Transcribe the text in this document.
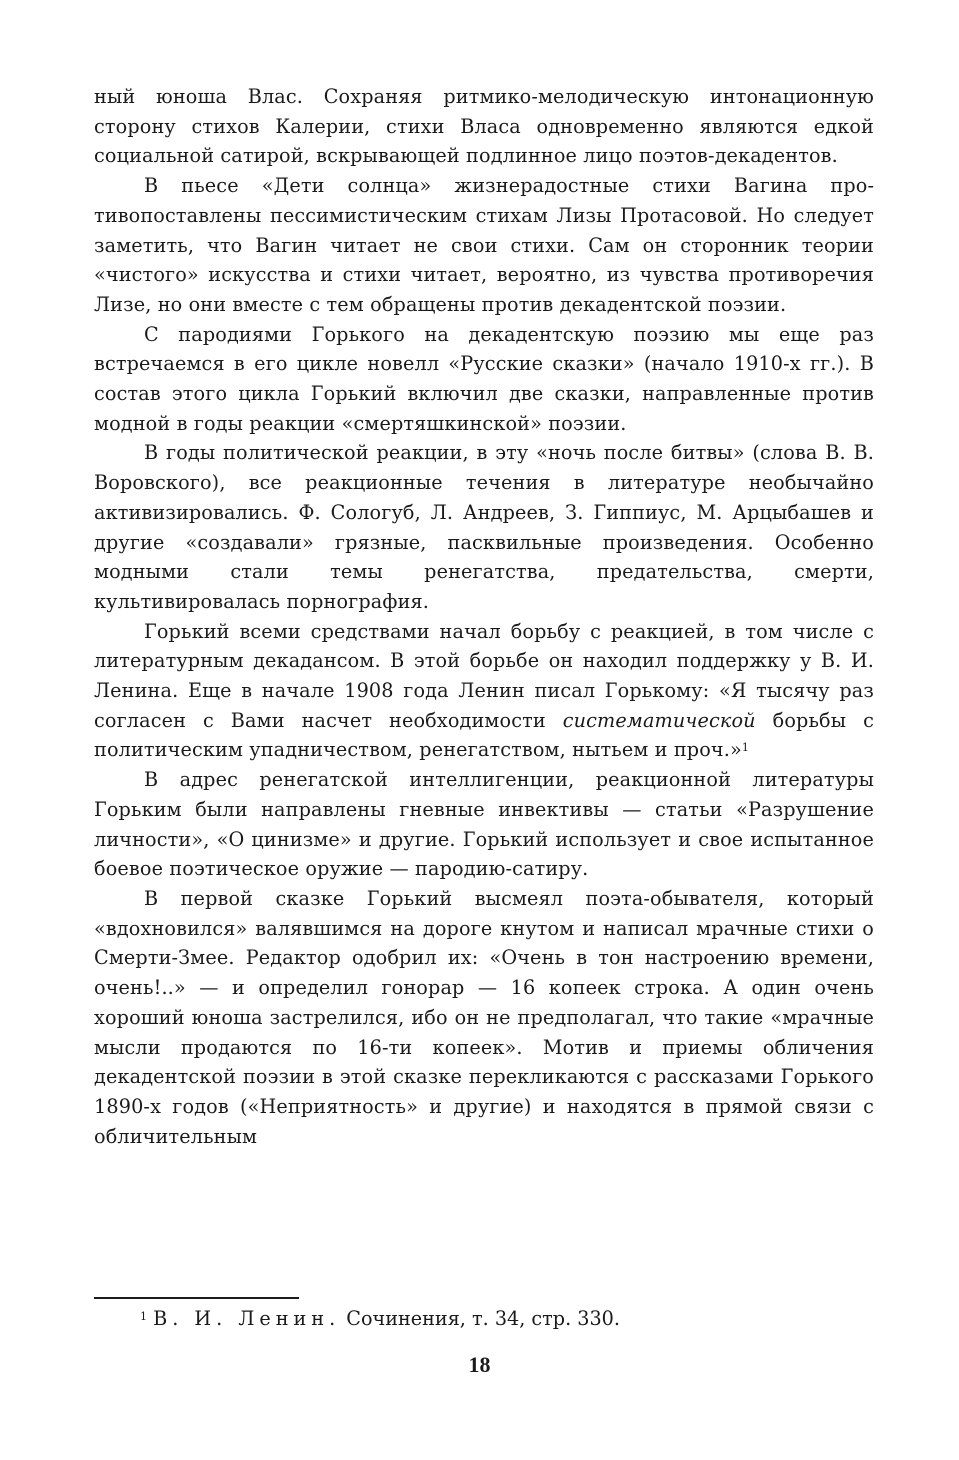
ный юноша Влас. Сохраняя ритмико-мелодическую интонационную сторону стихов Калерии, стихи Власа одновременно являются едкой социальной сатирой, вскрывающей подлинное лицо поэтов-декадентов.

В пьесе «Дети солнца» жизнерадостные стихи Вагина противопоставлены пессимистическим стихам Лизы Протасовой. Но следует заметить, что Вагин читает не свои стихи. Сам он сторонник теории «чистого» искусства и стихи читает, вероятно, из чувства противоречия Лизе, но они вместе с тем обращены против декадентской поэзии.

С пародиями Горького на декадентскую поэзию мы еще раз встречаемся в его цикле новелл «Русские сказки» (начало 1910-х гг.). В состав этого цикла Горький включил две сказки, направленные против модной в годы реакции «смертяшкинской» поэзии.

В годы политической реакции, в эту «ночь после битвы» (слова В. В. Воровского), все реакционные течения в литературе необычайно активизировались. Ф. Сологуб, Л. Андреев, З. Гиппиус, М. Арцыбашев и другие «создавали» грязные, пасквильные произведения. Особенно модными стали темы ренегатства, предательства, смерти, культивировалась порнография.

Горький всеми средствами начал борьбу с реакцией, в том числе с литературным декадансом. В этой борьбе он находил поддержку у В. И. Ленина. Еще в начале 1908 года Ленин писал Горькому: «Я тысячу раз согласен с Вами насчет необходимости систематической борьбы с политическим упадничеством, ренегатством, нытьем и проч.»$^1$

В адрес ренегатской интеллигенции, реакционной литературы Горьким были направлены гневные инвективы — статьи «Разрушение личности», «О цинизме» и другие. Горький использует и свое испытанное боевое поэтическое оружие — пародию-сатиру.

В первой сказке Горький высмеял поэта-обывателя, который «вдохновился» валявшимся на дороге кнутом и написал мрачные стихи о Смерти-Змее. Редактор одобрил их: «Очень в тон настроению времени, очень!..» — и определил гонорар — 16 копеек строка. А один очень хороший юноша застрелился, ибо он не предполагал, что такие «мрачные мысли продаются по 16-ти копеек». Мотив и приемы обличения декадентской поэзии в этой сказке перекликаются с рассказами Горького 1890-х годов («Неприятность» и другие) и находятся в прямой связи с обличительным

$^1$ В. И. Ленин. Сочинения, т. 34, стр. 330.
18
